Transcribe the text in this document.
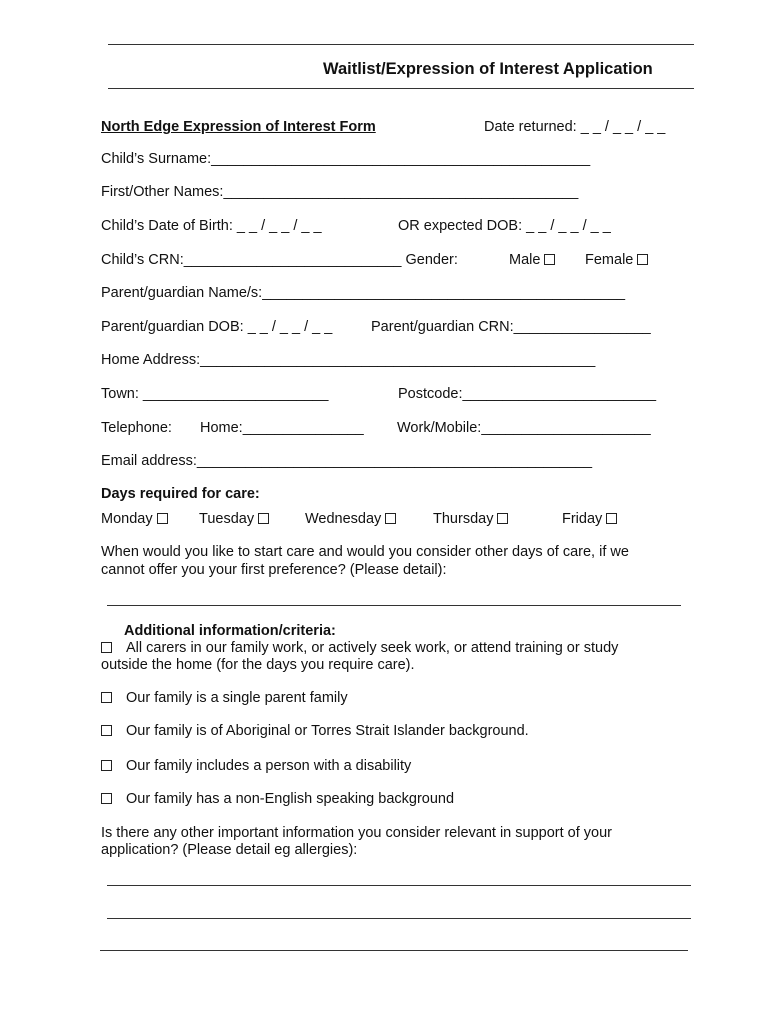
Waitlist/Expression of Interest Application
North Edge Expression of Interest Form	Date returned: _ _ / _ _ / _ _
Child’s Surname:_______________________________________________
First/Other Names:____________________________________________
Child’s Date of Birth: _ _ / _ _ / _ _	OR expected DOB: _ _ / _ _ / _ _
Child’s CRN:___________________________ Gender:	Male	Female
Parent/guardian Name/s:_____________________________________________
Parent/guardian DOB: _ _ / _ _ / _ _	Parent/guardian CRN:_________________
Home Address:_________________________________________________
Town: _______________________	Postcode:________________________
Telephone: Home:_______________ Work/Mobile:_____________________
Email address:_________________________________________________
Days required for care:
Monday	Tuesday	Wednesday	Thursday	Friday
When would you like to start care and would you consider other days of care, if we
cannot offer you your first preference? (Please detail):
Additional information/criteria:
All carers in our family work, or actively seek work, or attend training or study
outside the home (for the days you require care).
Our family is a single parent family
Our family is of Aboriginal or Torres Strait Islander background.
Our family includes a person with a disability
Our family has a non-English speaking background
Is there any other important information you consider relevant in support of your
application? (Please detail eg allergies):
